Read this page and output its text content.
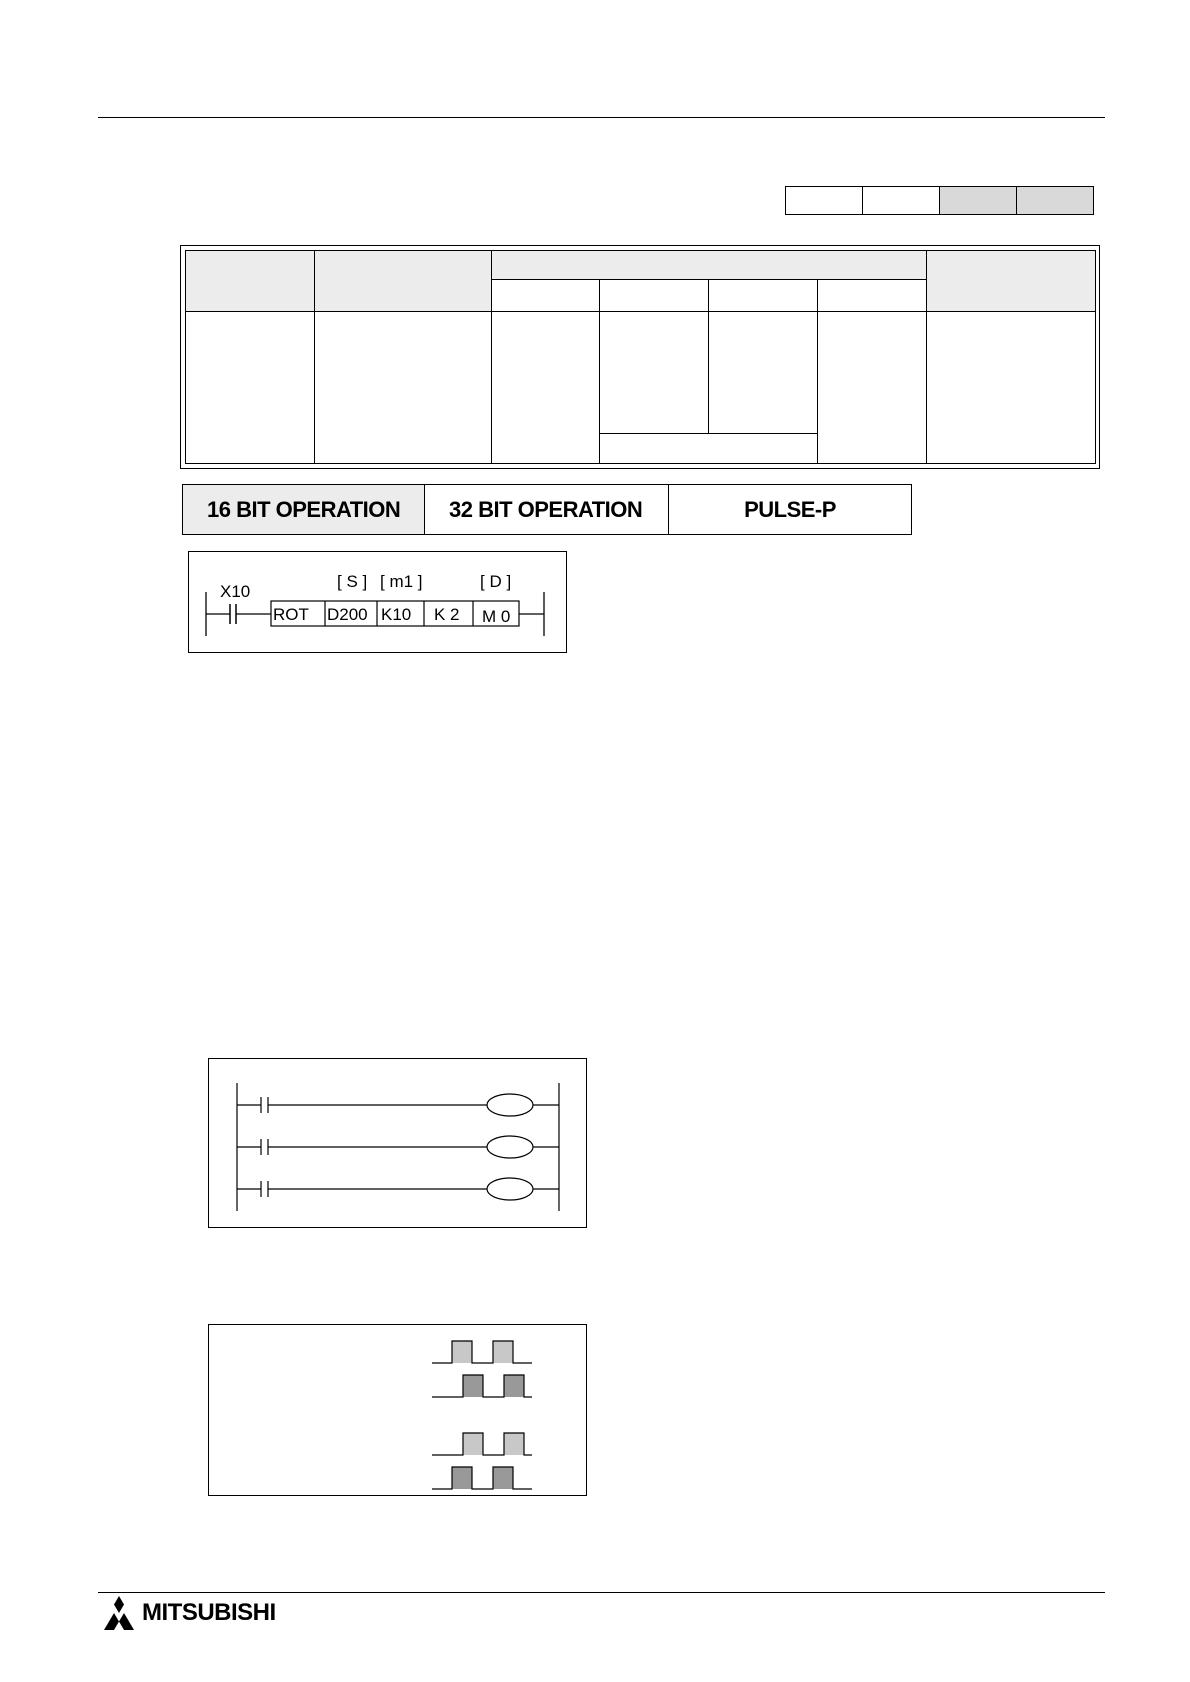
16 BIT OPERATION	32 BIT OPERATION	PULSE-P
X10
[ S ] [ m1 ]	[ D ]
ROT D200 K10 K 2 M 0
MITSUBISHI
